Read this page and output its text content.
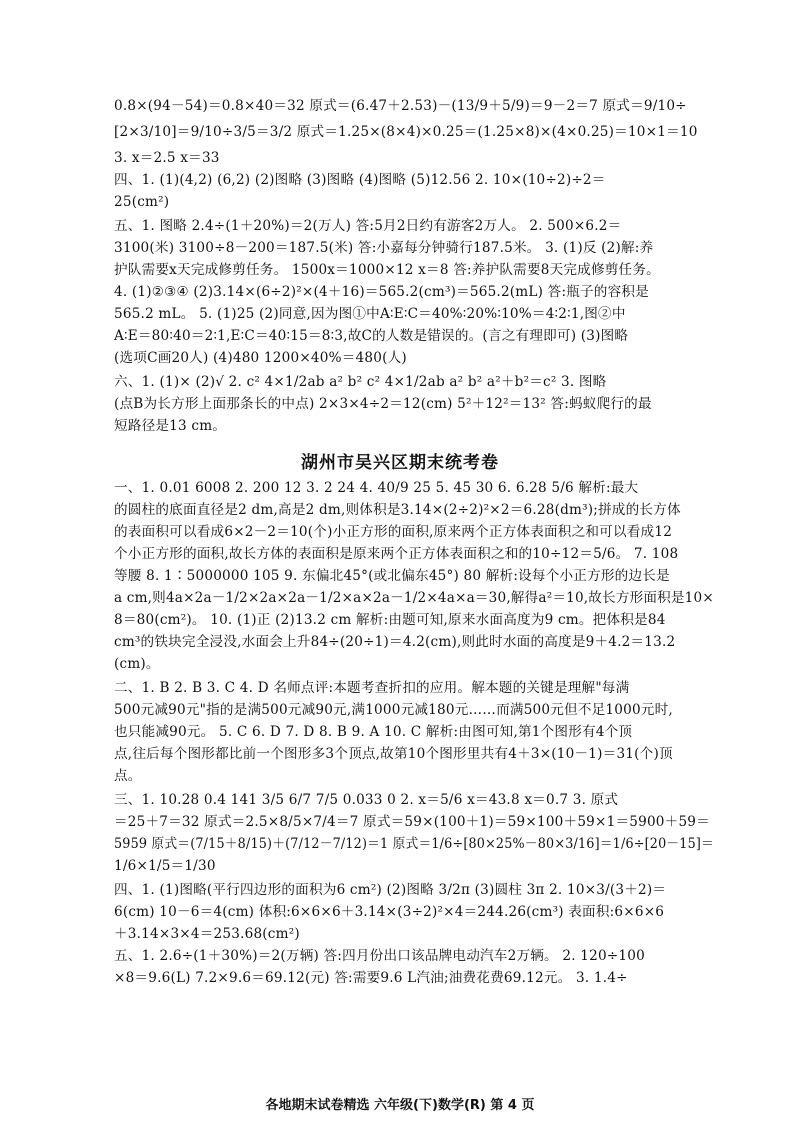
0.8×(94－54)＝0.8×40＝32 原式＝(6.47＋2.53)－(13/9＋5/9)＝9－2＝7 原式＝9/10÷
[2×3/10]＝9/10÷3/5＝3/2 原式＝1.25×(8×4)×0.25＝(1.25×8)×(4×0.25)＝10×1＝10
3. x＝2.5 x＝33
四、1. (1)(4,2) (6,2) (2)图略 (3)图略 (4)图略 (5)12.56 2. 10×(10÷2)÷2＝
25(cm²)
五、1. 图略 2.4÷(1＋20%)＝2(万人) 答:5月2日约有游客2万人。 2. 500×6.2＝
3100(米) 3100÷8－200＝187.5(米) 答:小嘉每分钟骑行187.5米。 3. (1)反 (2)解:养
护队需要x天完成修剪任务。 1500x＝1000×12 x＝8 答:养护队需要8天完成修剪任务。
4. (1)②③④ (2)3.14×(6÷2)²×(4＋16)＝565.2(cm³)＝565.2(mL) 答:瓶子的容积是
565.2 mL。 5. (1)25 (2)同意,因为图①中A∶E∶C＝40%∶20%∶10%＝4∶2∶1,图②中
A∶E＝80∶40＝2∶1,E∶C＝40∶15＝8∶3,故C的人数是错误的。(言之有理即可) (3)图略
(选项C画20人) (4)480 1200×40%＝480(人)
六、1. (1)× (2)√ 2. c² 4×1/2ab a² b² c² 4×1/2ab a² b² a²＋b²＝c² 3. 图略
(点B为长方形上面那条长的中点) 2×3×4÷2＝12(cm) 5²＋12²＝13² 答:蚂蚁爬行的最
短路径是13 cm。
湖州市吴兴区期末统考卷
一、1. 0.01 6008 2. 200 12 3. 2 24 4. 40/9 25 5. 45 30 6. 6.28 5/6 解析:最大
的圆柱的底面直径是2 dm,高是2 dm,则体积是3.14×(2÷2)²×2＝6.28(dm³);拼成的长方体
的表面积可以看成6×2－2＝10(个)小正方形的面积,原来两个正方体表面积之和可以看成12
个小正方形的面积,故长方体的表面积是原来两个正方体表面积之和的10÷12＝5/6。 7. 108
等腰 8. 1∶5000000 105 9. 东偏北45°(或北偏东45°) 80 解析:设每个小正方形的边长是
a cm,则4a×2a－1/2×2a×2a－1/2×a×2a－1/2×4a×a＝30,解得a²＝10,故长方形面积是10×
8＝80(cm²)。 10. (1)正 (2)13.2 cm 解析:由题可知,原来水面高度为9 cm。把体积是84
cm³的铁块完全浸没,水面会上升84÷(20÷1)＝4.2(cm),则此时水面的高度是9＋4.2＝13.2
(cm)。
二、1. B 2. B 3. C 4. D 名师点评:本题考查折扣的应用。解本题的关键是理解"每满
500元减90元"指的是满500元减90元,满1000元减180元……而满500元但不足1000元时,
也只能减90元。 5. C 6. D 7. D 8. B 9. A 10. C 解析:由图可知,第1个图形有4个顶
点,往后每个图形都比前一个图形多3个顶点,故第10个图形里共有4＋3×(10－1)＝31(个)顶
点。
三、1. 10.28 0.4 141 3/5 6/7 7/5 0.033 0 2. x＝5/6 x＝43.8 x＝0.7 3. 原式
＝25＋7＝32 原式＝2.5×8/5×7/4＝7 原式＝59×(100＋1)＝59×100＋59×1＝5900＋59＝
5959 原式＝(7/15＋8/15)＋(7/12－7/12)＝1 原式＝1/6÷[80×25%－80×3/16]＝1/6÷[20－15]＝
1/6×1/5＝1/30
四、1. (1)图略(平行四边形的面积为6 cm²) (2)图略 3/2π (3)圆柱 3π 2. 10×3/(3＋2)＝
6(cm) 10－6＝4(cm) 体积:6×6×6＋3.14×(3÷2)²×4＝244.26(cm³) 表面积:6×6×6
＋3.14×3×4＝253.68(cm²)
五、1. 2.6÷(1＋30%)＝2(万辆) 答:四月份出口该品牌电动汽车2万辆。 2. 120÷100
×8＝9.6(L) 7.2×9.6＝69.12(元) 答:需要9.6 L汽油;油费花费69.12元。 3. 1.4÷
各地期末试卷精选 六年级(下)数学(R) 第 4 页
